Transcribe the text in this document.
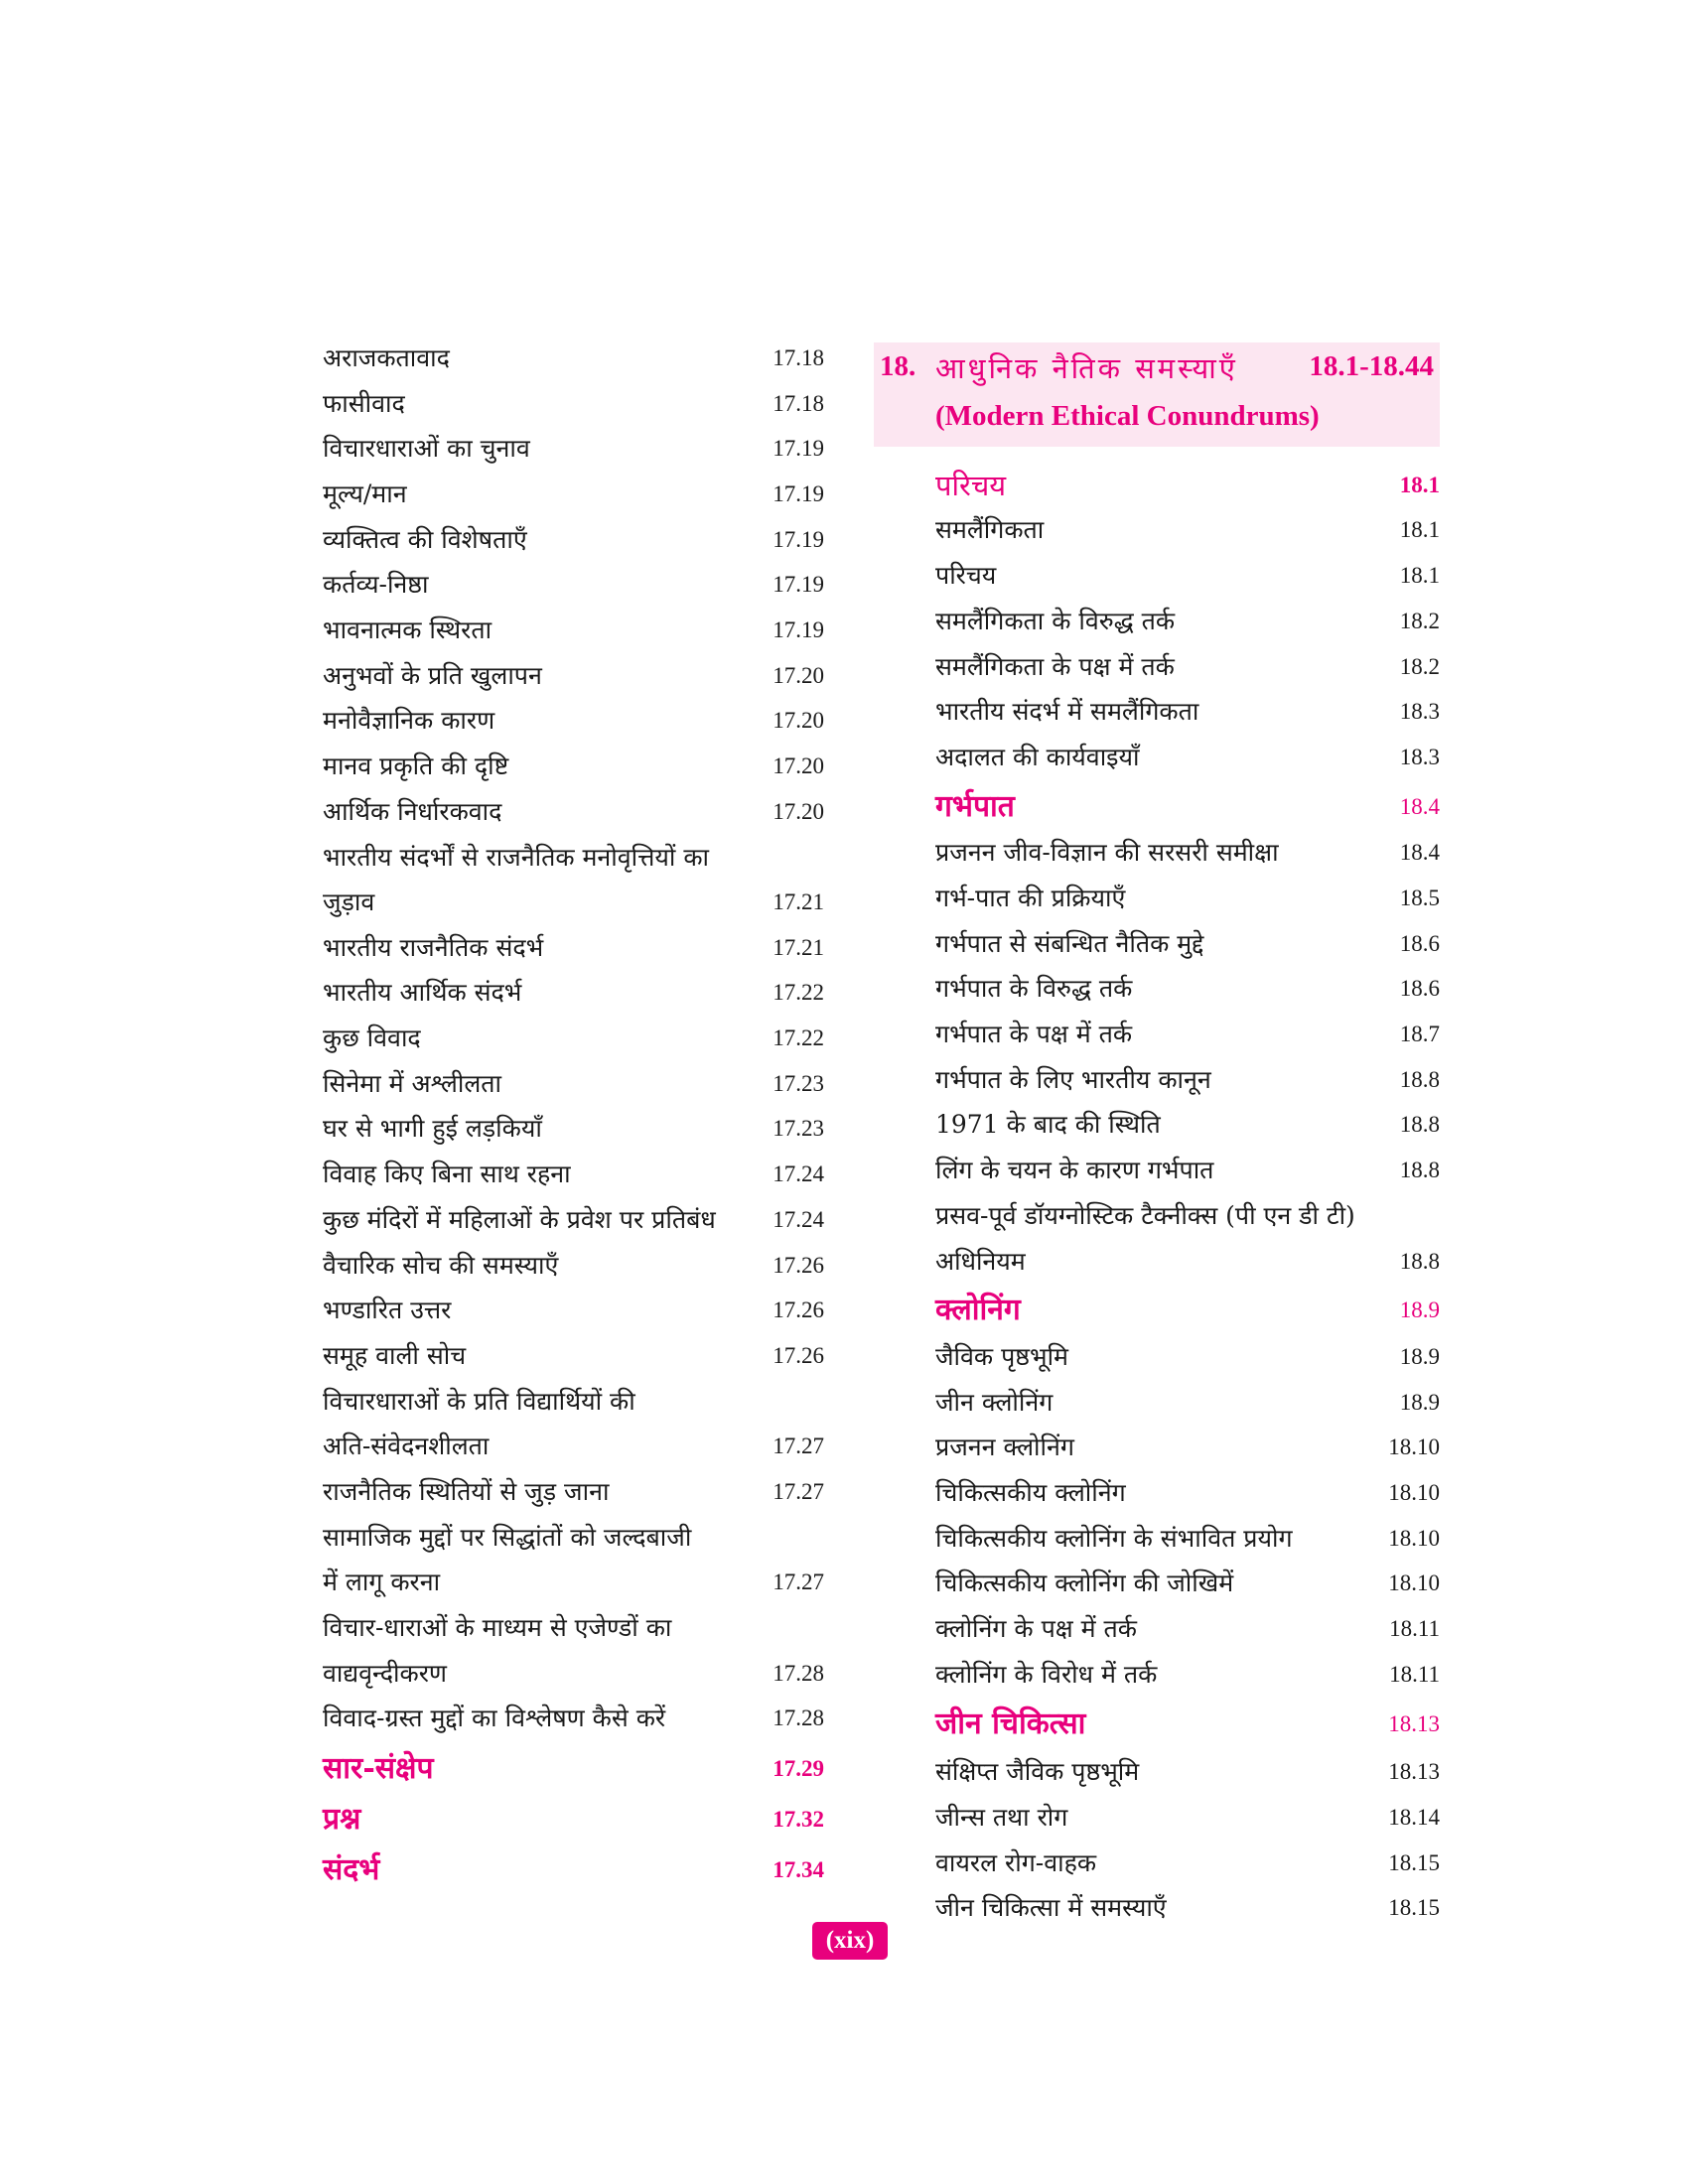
अराजकतावाद	17.18
फासीवाद	17.18
विचारधाराओं का चुनाव	17.19
मूल्य/मान	17.19
व्यक्तित्व की विशेषताएँ	17.19
कर्तव्य-निष्ठा	17.19
भावनात्मक स्थिरता	17.19
अनुभवों के प्रति खुलापन	17.20
मनोवैज्ञानिक कारण	17.20
मानव प्रकृति की दृष्टि	17.20
आर्थिक निर्धारकवाद	17.20
भारतीय संदर्भों से राजनैतिक मनोवृत्तियों का
जुड़ाव	17.21
भारतीय राजनैतिक संदर्भ	17.21
भारतीय आर्थिक संदर्भ	17.22
कुछ विवाद	17.22
सिनेमा में अश्लीलता	17.23
घर से भागी हुई लड़कियाँ	17.23
विवाह किए बिना साथ रहना	17.24
कुछ मंदिरों में महिलाओं के प्रवेश पर प्रतिबंध	17.24
वैचारिक सोच की समस्याएँ	17.26
भण्डारित उत्तर	17.26
समूह वाली सोच	17.26
विचारधाराओं के प्रति विद्यार्थियों की
अति-संवेदनशीलता	17.27
राजनैतिक स्थितियों से जुड़ जाना	17.27
सामाजिक मुद्दों पर सिद्धांतों को जल्दबाजी
में लागू करना	17.27
विचार-धाराओं के माध्यम से एजेण्डों का
वाद्यवृन्दीकरण	17.28
विवाद-ग्रस्त मुद्दों का विश्लेषण कैसे करें	17.28
सार-संक्षेप	17.29
प्रश्न	17.32
संदर्भ	17.34
18. आधुनिक नैतिक समस्याएँ 18.1-18.44
(Modern Ethical Conundrums)
परिचय	18.1
समलैंगिकता	18.1
परिचय	18.1
समलैंगिकता के विरुद्ध तर्क	18.2
समलैंगिकता के पक्ष में तर्क	18.2
भारतीय संदर्भ में समलैंगिकता	18.3
अदालत की कार्यवाइयाँ	18.3
गर्भपात	18.4
प्रजनन जीव-विज्ञान की सरसरी समीक्षा	18.4
गर्भ-पात की प्रक्रियाएँ	18.5
गर्भपात से संबन्धित नैतिक मुद्दे	18.6
गर्भपात के विरुद्ध तर्क	18.6
गर्भपात के पक्ष में तर्क	18.7
गर्भपात के लिए भारतीय कानून	18.8
1971 के बाद की स्थिति	18.8
लिंग के चयन के कारण गर्भपात	18.8
प्रसव-पूर्व डॉयग्नोस्टिक टैक्नीक्स (पी एन डी टी)
अधिनियम	18.8
क्लोनिंग	18.9
जैविक पृष्ठभूमि	18.9
जीन क्लोनिंग	18.9
प्रजनन क्लोनिंग	18.10
चिकित्सकीय क्लोनिंग	18.10
चिकित्सकीय क्लोनिंग के संभावित प्रयोग	18.10
चिकित्सकीय क्लोनिंग की जोखिमें	18.10
क्लोनिंग के पक्ष में तर्क	18.11
क्लोनिंग के विरोध में तर्क	18.11
जीन चिकित्सा	18.13
संक्षिप्त जैविक पृष्ठभूमि	18.13
जीन्स तथा रोग	18.14
वायरल रोग-वाहक	18.15
जीन चिकित्सा में समस्याएँ	18.15
(xix)
